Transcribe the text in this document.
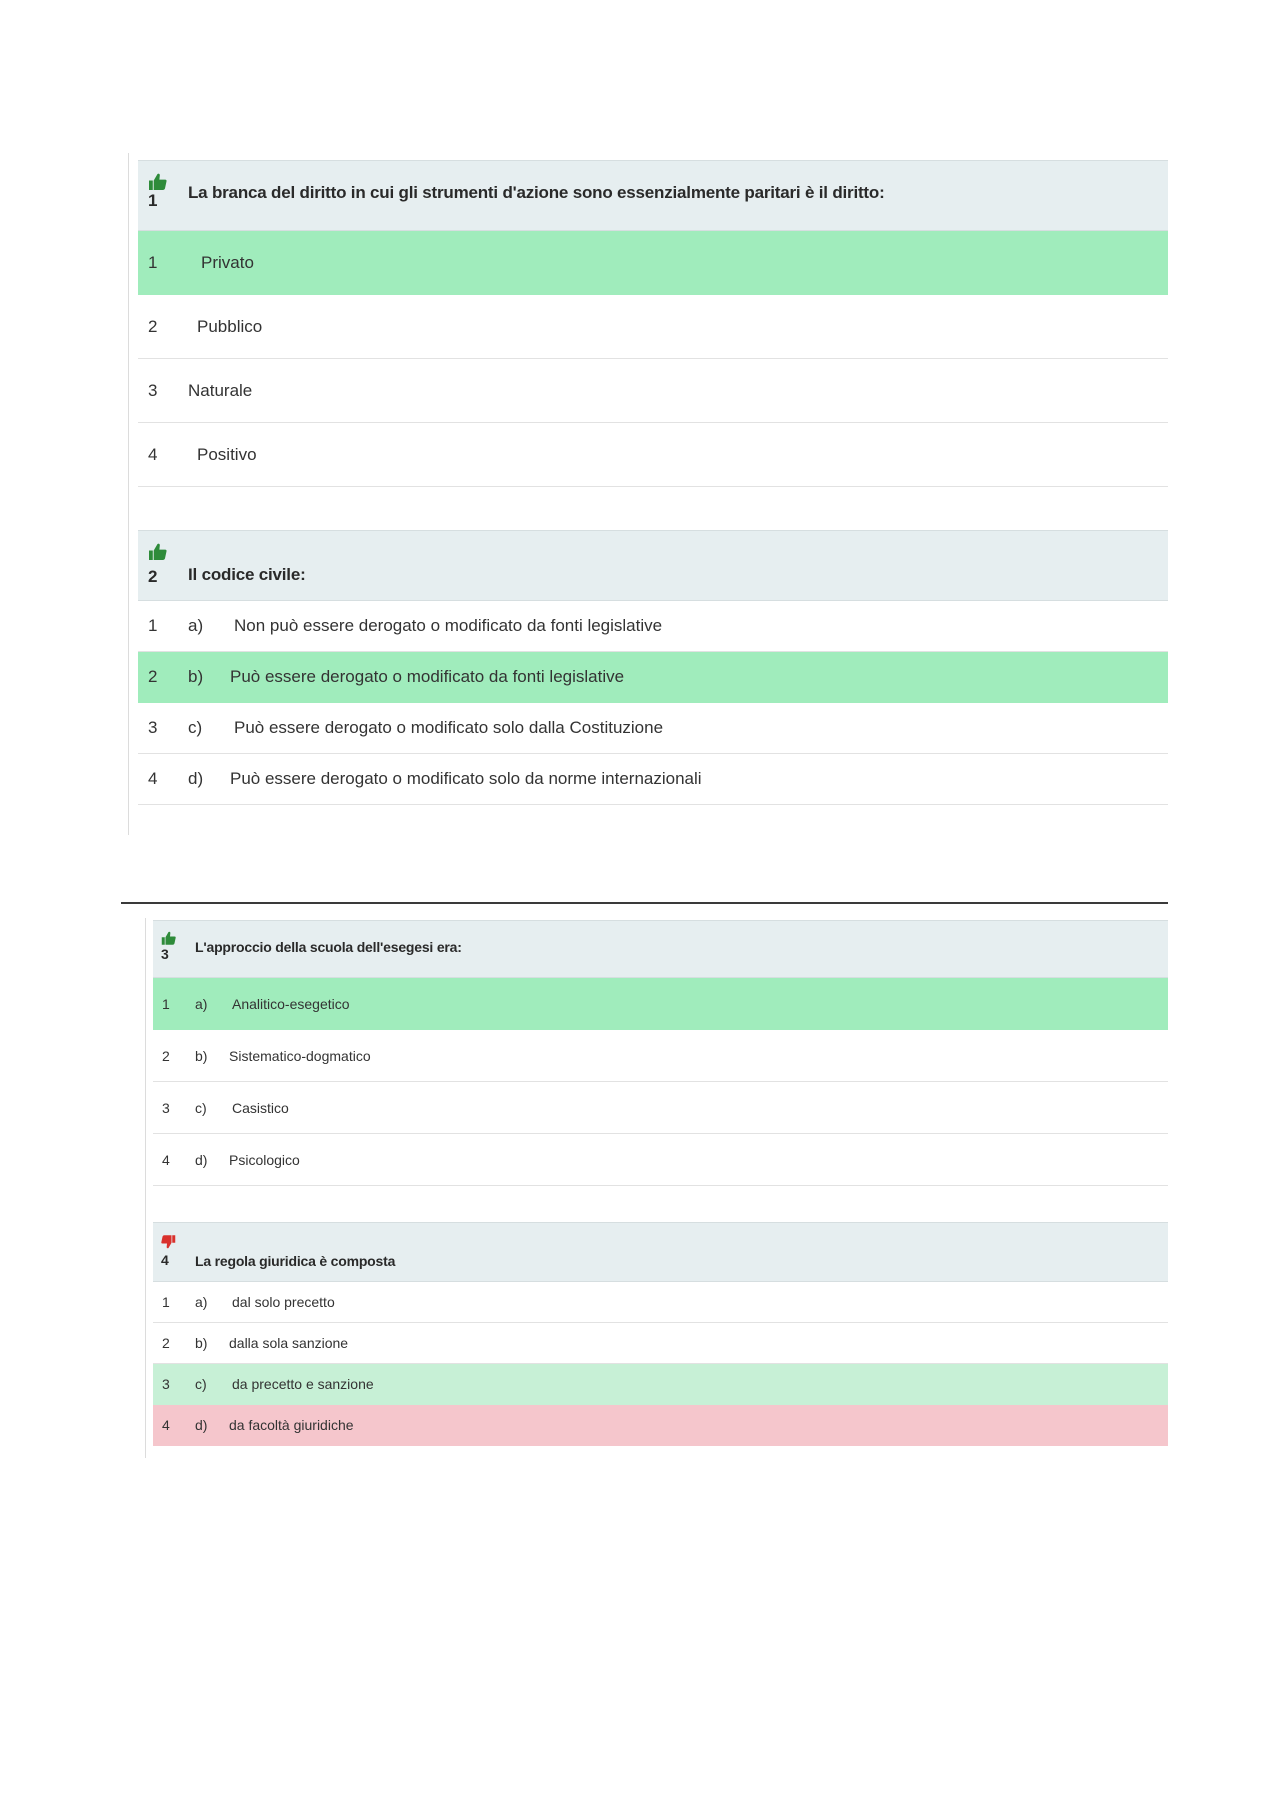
1 La branca del diritto in cui gli strumenti d'azione sono essenzialmente paritari è il diritto:
1	Privato
2 Pubblico
3 Naturale
4 Positivo
2 Il codice civile:
1 a) Non può essere derogato o modificato da fonti legislative
2 b) Può essere derogato o modificato da fonti legislative
3 c) Può essere derogato o modificato solo dalla Costituzione
4 d) Può essere derogato o modificato solo da norme internazionali
3 L'approccio della scuola dell'esegesi era:
1 a) Analitico-esegetico
2 b) Sistematico-dogmatico
3 c) Casistico
4 d) Psicologico
4 La regola giuridica è composta
1 a) dal solo precetto
2 b) dalla sola sanzione
3 c) da precetto e sanzione
4 d) da facoltà giuridiche
